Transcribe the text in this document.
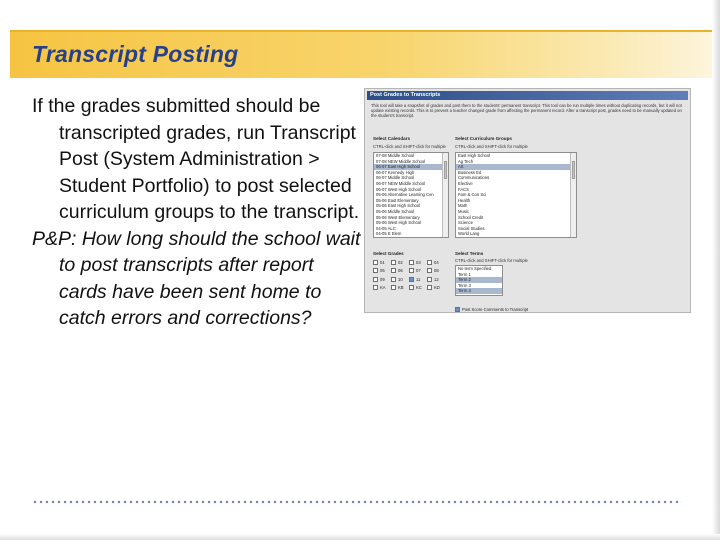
Transcript Posting

If the grades submitted should be transcripted grades, run Transcript Post (System Administration > Student Portfolio) to post selected curriculum groups to the transcript.

P&P: How long should the school wait to post transcripts after report cards have been sent home to catch errors and corrections?

Post Grades to Transcripts
This tool will take a snapshot of grades and post them to the students' permanent transcript. This tool can be run multiple times without duplicating records, but it will not update existing records. This is to prevent a teacher changed grade from affecting the permanent record. After a transcript post, grades need to be manually updated on the student's transcript.
Select Calendars
CTRL-click and SHIFT-click for multiple
07-08 Middle School
07-08 NEW Middle School
06-07 East High School
06-07 Kennedy High
06-07 Middle School
06-07 NEW Middle School
06-07 West High School
05-06 Alternative Learning Cen
05-06 East Elementary
05-06 East High School
05-06 Middle School
05-06 West Elementary
05-06 West High School
04-05 ALC
04-05 E Elem
Select Curriculum Groups
CTRL-click and SHIFT-click for multiple
East High School
Ag Tech
Art
Business Ed
Communications
Elective
FACS
Fam & Con Sci
Health
Math
Music
School Credit
Science
Social Studies
World Lang
Select Grades
01	02	03	04
05	06	07	08
09	10	11	12
KA	KB	KC	KD
Select Terms
CTRL-click and SHIFT-click for multiple
No term Specified
Term 1
Term 2
Term 3
Term 4
Post Score Comments to Transcript
